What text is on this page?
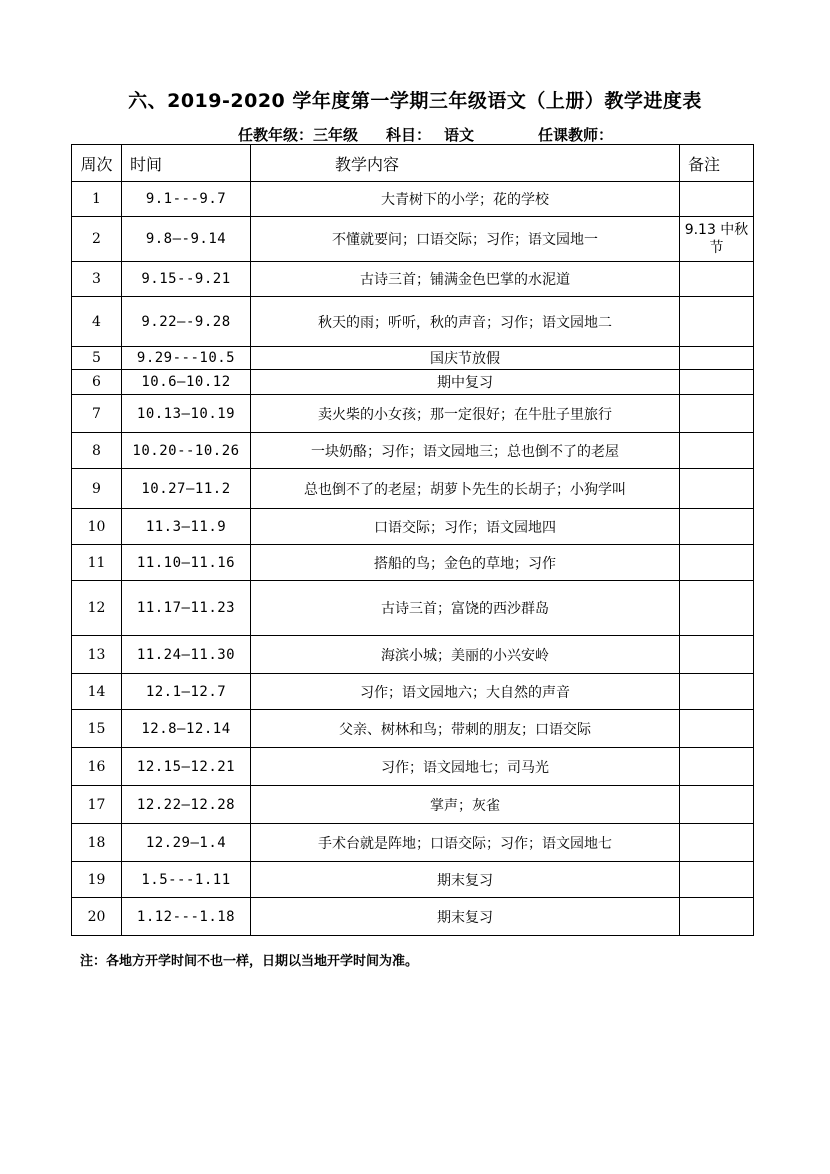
六、2019-2020 学年度第一学期三年级语文（上册）教学进度表
任教年级：三年级 科目： 语文	任课教师：
周次	时间	教学内容	备注
1	9.1---9.7	大青树下的小学；花的学校	
2	9.8—-9.14	不懂就要问；口语交际；习作；语文园地一	9.13 中秋节
3	9.15--9.21	古诗三首；铺满金色巴掌的水泥道	
4	9.22—-9.28	秋天的雨；听听，秋的声音；习作；语文园地二	
5	9.29---10.5	国庆节放假	
6	10.6—10.12	期中复习	
7	10.13—10.19	卖火柴的小女孩；那一定很好；在牛肚子里旅行	
8	10.20--10.26	一块奶酪；习作；语文园地三；总也倒不了的老屋	
9	10.27—11.2	总也倒不了的老屋；胡萝卜先生的长胡子；小狗学叫	
10	11.3—11.9	口语交际；习作；语文园地四	
11	11.10—11.16	搭船的鸟；金色的草地；习作	
12	11.17—11.23	古诗三首；富饶的西沙群岛	
13	11.24—11.30	海滨小城；美丽的小兴安岭	
14	12.1—12.7	习作；语文园地六；大自然的声音	
15	12.8—12.14	父亲、树林和鸟；带刺的朋友；口语交际	
16	12.15—12.21	习作；语文园地七；司马光	
17	12.22—12.28	掌声；灰雀	
18	12.29—1.4	手术台就是阵地；口语交际；习作；语文园地七	
19	1.5---1.11	期末复习	
20	1.12---1.18	期末复习	
注：各地方开学时间不也一样，日期以当地开学时间为准。
